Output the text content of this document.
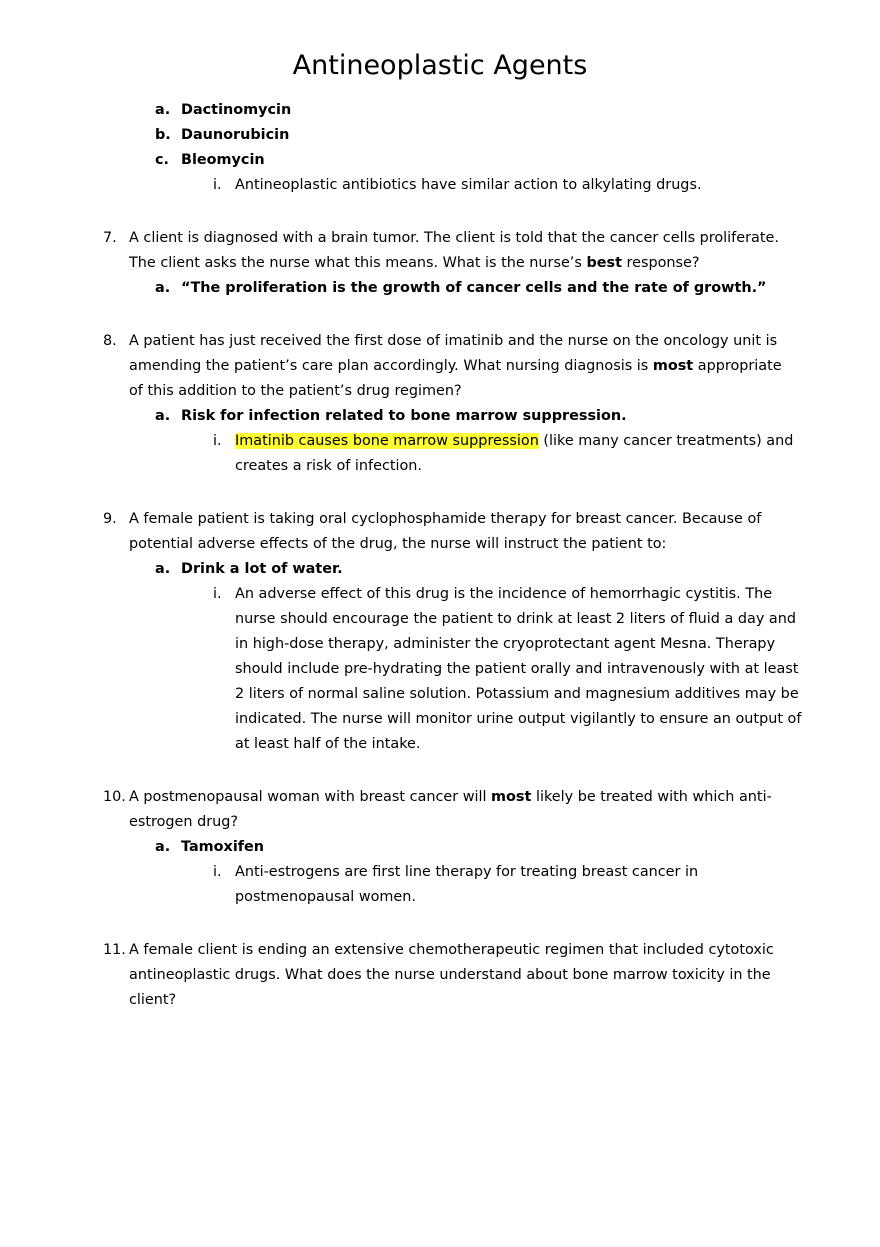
Antineoplastic Agents
a. Dactinomycin
b. Daunorubicin
c. Bleomycin
i. Antineoplastic antibiotics have similar action to alkylating drugs.
7. A client is diagnosed with a brain tumor. The client is told that the cancer cells proliferate. The client asks the nurse what this means. What is the nurse’s best response?
a. “The proliferation is the growth of cancer cells and the rate of growth.”
8. A patient has just received the first dose of imatinib and the nurse on the oncology unit is amending the patient’s care plan accordingly. What nursing diagnosis is most appropriate of this addition to the patient’s drug regimen?
a. Risk for infection related to bone marrow suppression.
i. Imatinib causes bone marrow suppression (like many cancer treatments) and creates a risk of infection.
9. A female patient is taking oral cyclophosphamide therapy for breast cancer. Because of potential adverse effects of the drug, the nurse will instruct the patient to:
a. Drink a lot of water.
i. An adverse effect of this drug is the incidence of hemorrhagic cystitis. The nurse should encourage the patient to drink at least 2 liters of fluid a day and in high-dose therapy, administer the cryoprotectant agent Mesna. Therapy should include pre-hydrating the patient orally and intravenously with at least 2 liters of normal saline solution. Potassium and magnesium additives may be indicated. The nurse will monitor urine output vigilantly to ensure an output of at least half of the intake.
10. A postmenopausal woman with breast cancer will most likely be treated with which anti-estrogen drug?
a. Tamoxifen
i. Anti-estrogens are first line therapy for treating breast cancer in postmenopausal women.
11. A female client is ending an extensive chemotherapeutic regimen that included cytotoxic antineoplastic drugs. What does the nurse understand about bone marrow toxicity in the client?
